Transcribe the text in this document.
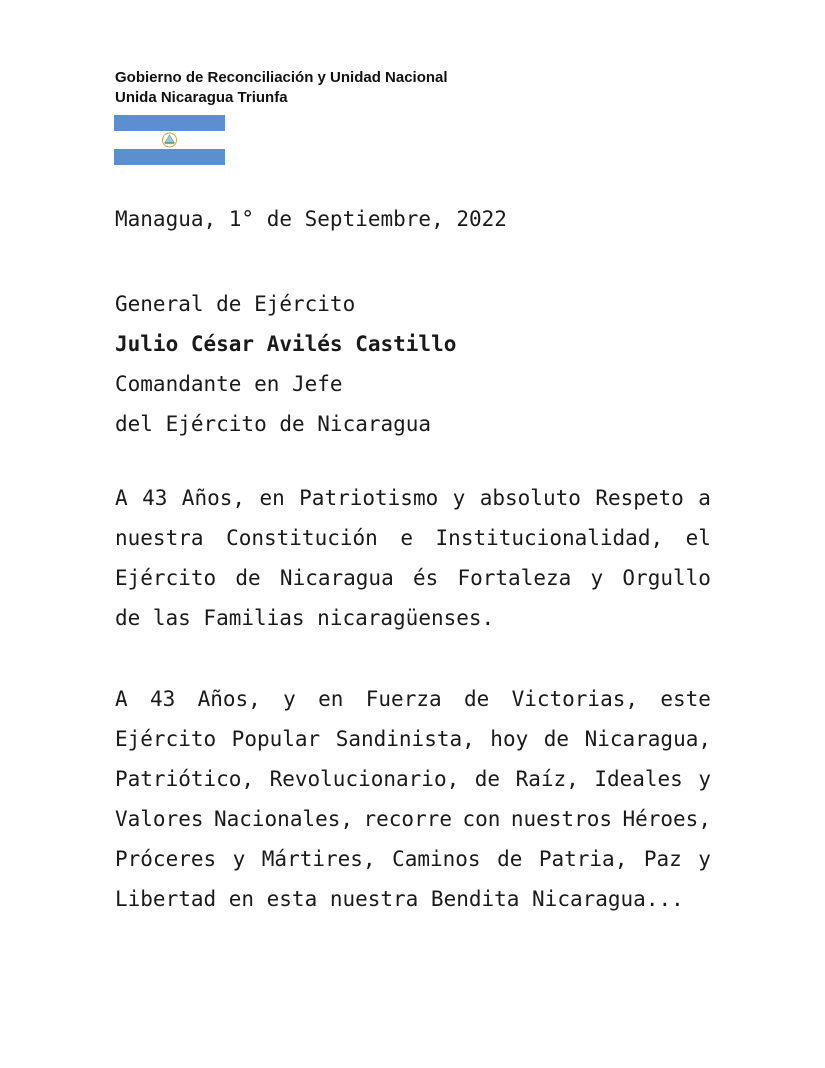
Gobierno de Reconciliación y Unidad Nacional
Unida Nicaragua Triunfa
Managua, 1° de Septiembre, 2022
General de Ejército
Julio César Avilés Castillo
Comandante en Jefe
del Ejército de Nicaragua
A 43 Años, en Patriotismo y absoluto Respeto a
nuestra Constitución e Institucionalidad, el
Ejército de Nicaragua és Fortaleza y Orgullo
de las Familias nicaragüenses.
A 43 Años, y en Fuerza de Victorias, este
Ejército Popular Sandinista, hoy de Nicaragua,
Patriótico, Revolucionario, de Raíz, Ideales y
Valores Nacionales, recorre con nuestros Héroes,
Próceres y Mártires, Caminos de Patria, Paz y
Libertad en esta nuestra Bendita Nicaragua...
